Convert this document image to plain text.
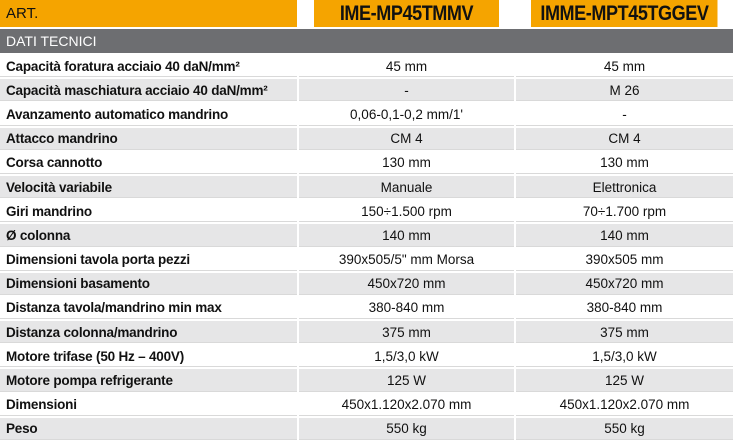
ART.	IME-MP45TMMV	IMME-MPT45TGGEV
DATI TECNICI		
Capacità foratura acciaio 40 daN/mm²	45 mm	45 mm
Capacità maschiatura acciaio 40 daN/mm²	-	M 26
Avanzamento automatico mandrino	0,06-0,1-0,2 mm/1'	-
Attacco mandrino	CM 4	CM 4
Corsa cannotto	130 mm	130 mm
Velocità variabile	Manuale	Elettronica
Giri mandrino	150÷1.500 rpm	70÷1.700 rpm
Ø colonna	140 mm	140 mm
Dimensioni tavola porta pezzi	390x505/5" mm Morsa	390x505 mm
Dimensioni basamento	450x720 mm	450x720 mm
Distanza tavola/mandrino min max	380-840 mm	380-840 mm
Distanza colonna/mandrino	375 mm	375 mm
Motore trifase (50 Hz – 400V)	1,5/3,0 kW	1,5/3,0 kW
Motore pompa refrigerante	125 W	125 W
Dimensioni	450x1.120x2.070 mm	450x1.120x2.070 mm
Peso	550 kg	550 kg
